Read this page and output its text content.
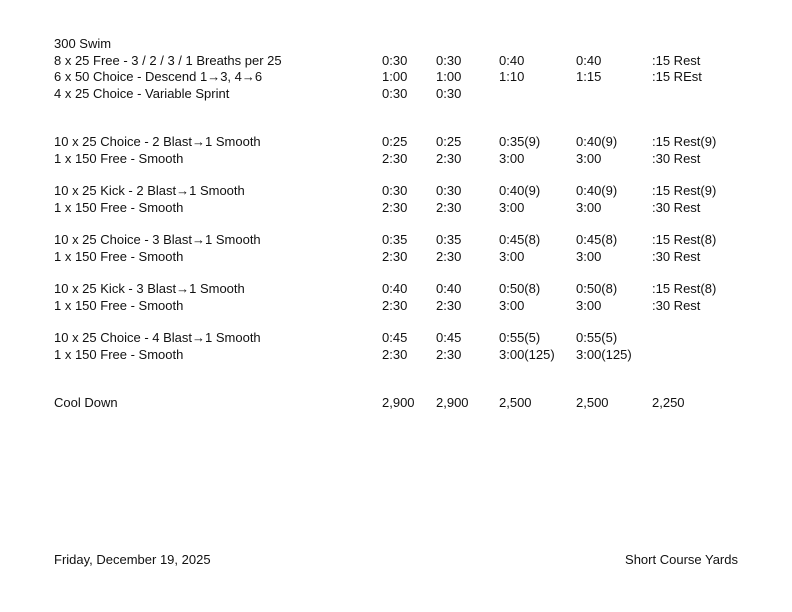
300 Swim
8 x 25 Free - 3 / 2 / 3 / 1 Breaths per 25	0:30 0:30	0:40	0:40	:15 Rest
6 x 50 Choice - Descend 1→3, 4→6	1:00 1:00	1:10	1:15	:15 REst
4 x 25 Choice - Variable Sprint	0:30 0:30
10 x 25 Choice - 2 Blast→1 Smooth	0:25 0:25	0:35(9)	0:40(9)	:15 Rest(9)
1 x 150 Free - Smooth	2:30 2:30	3:00	3:00	:30 Rest
10 x 25 Kick - 2 Blast→1 Smooth	0:30 0:30	0:40(9)	0:40(9)	:15 Rest(9)
1 x 150 Free - Smooth	2:30 2:30	3:00	3:00	:30 Rest
10 x 25 Choice - 3 Blast→1 Smooth	0:35 0:35	0:45(8)	0:45(8)	:15 Rest(8)
1 x 150 Free - Smooth	2:30 2:30	3:00	3:00	:30 Rest
10 x 25 Kick - 3 Blast→1 Smooth	0:40 0:40	0:50(8)	0:50(8)	:15 Rest(8)
1 x 150 Free - Smooth	2:30 2:30	3:00	3:00	:30 Rest
10 x 25 Choice - 4 Blast→1 Smooth	0:45 0:45	0:55(5)	0:55(5)
1 x 150 Free - Smooth	2:30 2:30	3:00(125) 3:00(125)
Cool Down	2,900 2,900 2,500	2,500	2,250
Friday, December 19, 2025	Short Course Yards
